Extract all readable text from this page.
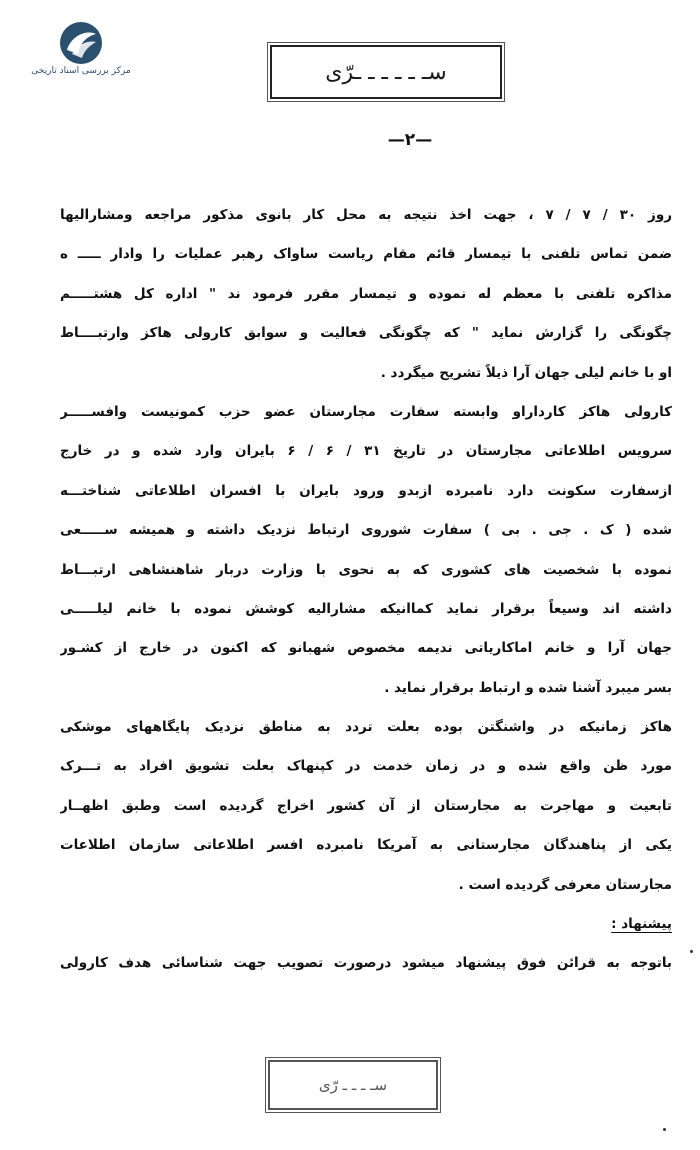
مرکز بررسی اسناد تاریخی	سـ ـ ـ ـ ـ ـرّی
—۲—
روز ۳۰ / ۷ / ۷ ، جهت اخذ نتیجه به محل کار بانوی مذکور مراجعه ومشارالیها
ضمن تماس تلفنی با تیمسار قائم مقام ریاست ساواک رهبر عملیات را وادار ـــــ ه
مذاکره تلفنی با معظم له نموده و تیمسار مقرر فرمود ند " اداره کل هشتـــــم
چگونگی را گزارش نماید " که چگونگی فعالیت و سوابق کارولی هاکز وارتبــــاط
او با خانم لیلی جهان آرا ذیلاً تشریح میگردد .
کارولی هاکز کارداراو وابسته سفارت مجارستان عضو حزب کمونیست وافســـــر
سرویس اطلاعاتی مجارستان در تاریخ ۳۱ / ۶ / ۶ بایران وارد شده و در خارج
ازسفارت سکونت دارد نامبرده ازبدو ورود بایران با افسران اطلاعاتی شناختـــه
شده ( ک . جی . بی ) سفارت شوروی ارتباط نزدیک داشته و همیشه ســـــعی
نموده با شخصیت های کشوری که به نحوی با وزارت دربار شاهنشاهی ارتبـــاط
داشته اند وسیعاً برقرار نماید کماانیکه مشارالیه کوشش نموده با خانم لیلـــــی
جهان آرا و خانم اماکاریاتی ندیمه مخصوص شهبانو که اکنون در خارج از کشـور
بسر میبرد آشنا شده و ارتباط برقرار نماید .
هاکز زمانیکه در واشنگتن بوده بعلت تردد به مناطق نزدیک پایگاههای موشکی
مورد ظن واقع شده و در زمان خدمت در کپنهاک بعلت تشویق افراد به تـــرک
تابعیت و مهاجرت به مجارستان از آن کشور اخراج گردیده است وطبق اظهــار
یکی از پناهندگان مجارستانی به آمریکا نامبرده افسر اطلاعاتی سازمان اطلاعات
مجارستان معرفی گردیده است .
پیشنهاد :
باتوجه به قرائن فوق پیشنهاد میشود درصورت تصویب جهت شناسائی هدف کارولی
سـ ـ ـ ـ رّی
